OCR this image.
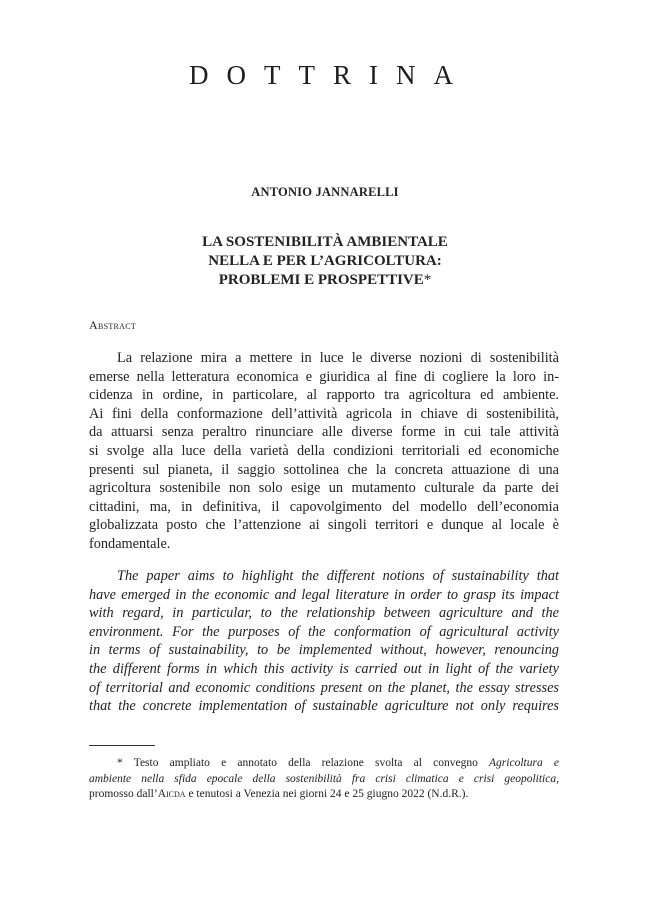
DOTTRINA
ANTONIO JANNARELLI
LA SOSTENIBILITÀ AMBIENTALE
NELLA E PER L’AGRICOLTURA:
PROBLEMI E PROSPETTIVE*
Abstract
La relazione mira a mettere in luce le diverse nozioni di sostenibilità
emerse nella letteratura economica e giuridica al fine di cogliere la loro in-
cidenza in ordine, in particolare, al rapporto tra agricoltura ed ambiente.
Ai fini della conformazione dell’attività agricola in chiave di sostenibilità,
da attuarsi senza peraltro rinunciare alle diverse forme in cui tale attività
si svolge alla luce della varietà della condizioni territoriali ed economiche
presenti sul pianeta, il saggio sottolinea che la concreta attuazione di una
agricoltura sostenibile non solo esige un mutamento culturale da parte dei
cittadini, ma, in definitiva, il capovolgimento del modello dell’economia
globalizzata posto che l’attenzione ai singoli territori e dunque al locale è
fondamentale.
The paper aims to highlight the different notions of sustainability that
have emerged in the economic and legal literature in order to grasp its impact
with regard, in particular, to the relationship between agriculture and the
environment. For the purposes of the conformation of agricultural activity
in terms of sustainability, to be implemented without, however, renouncing
the different forms in which this activity is carried out in light of the variety
of territorial and economic conditions present on the planet, the essay stresses
that the concrete implementation of sustainable agriculture not only requires
* Testo ampliato e annotato della relazione svolta al convegno Agricoltura e
ambiente nella sfida epocale della sostenibilità fra crisi climatica e crisi geopolitica,
promosso dall’Aicda e tenutosi a Venezia nei giorni 24 e 25 giugno 2022 (N.d.R.).
